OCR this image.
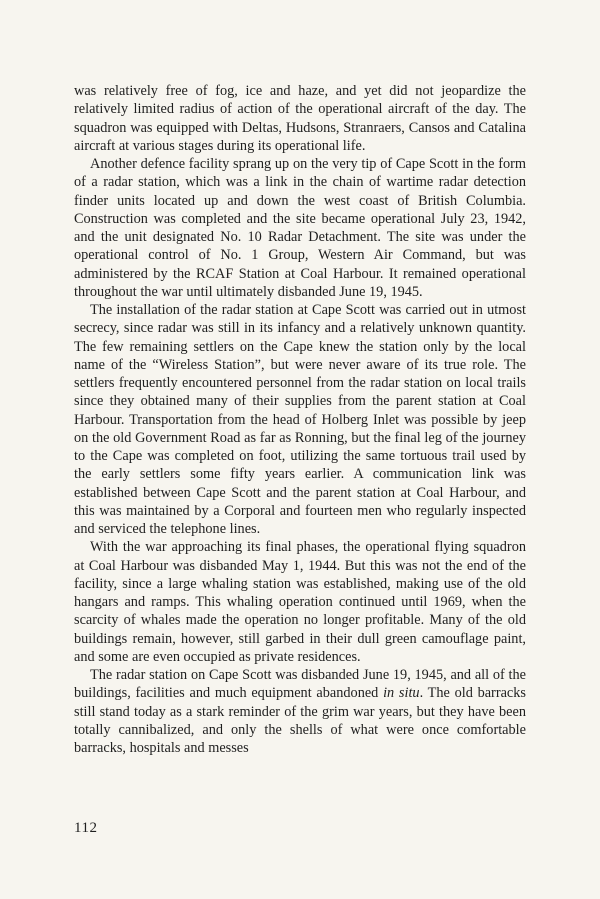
was relatively free of fog, ice and haze, and yet did not jeopardize the relatively limited radius of action of the operational aircraft of the day. The squadron was equipped with Deltas, Hudsons, Stranraers, Cansos and Catalina aircraft at various stages during its operational life.

Another defence facility sprang up on the very tip of Cape Scott in the form of a radar station, which was a link in the chain of wartime radar detection finder units located up and down the west coast of British Columbia. Construction was completed and the site became operational July 23, 1942, and the unit designated No. 10 Radar Detachment. The site was under the operational control of No. 1 Group, Western Air Command, but was administered by the RCAF Station at Coal Harbour. It remained operational throughout the war until ultimately disbanded June 19, 1945.

The installation of the radar station at Cape Scott was carried out in utmost secrecy, since radar was still in its infancy and a relatively unknown quantity. The few remaining settlers on the Cape knew the station only by the local name of the “Wireless Station”, but were never aware of its true role. The settlers frequently encountered personnel from the radar station on local trails since they obtained many of their supplies from the parent station at Coal Harbour. Transportation from the head of Holberg Inlet was possible by jeep on the old Government Road as far as Ronning, but the final leg of the journey to the Cape was completed on foot, utilizing the same tortuous trail used by the early settlers some fifty years earlier. A communication link was established between Cape Scott and the parent station at Coal Harbour, and this was maintained by a Corporal and fourteen men who regularly inspected and serviced the telephone lines.

With the war approaching its final phases, the operational flying squadron at Coal Harbour was disbanded May 1, 1944. But this was not the end of the facility, since a large whaling station was established, making use of the old hangars and ramps. This whaling operation continued until 1969, when the scarcity of whales made the operation no longer profitable. Many of the old buildings remain, however, still garbed in their dull green camouflage paint, and some are even occupied as private residences.

The radar station on Cape Scott was disbanded June 19, 1945, and all of the buildings, facilities and much equipment abandoned in situ. The old barracks still stand today as a stark reminder of the grim war years, but they have been totally cannibalized, and only the shells of what were once comfortable barracks, hospitals and messes

112
